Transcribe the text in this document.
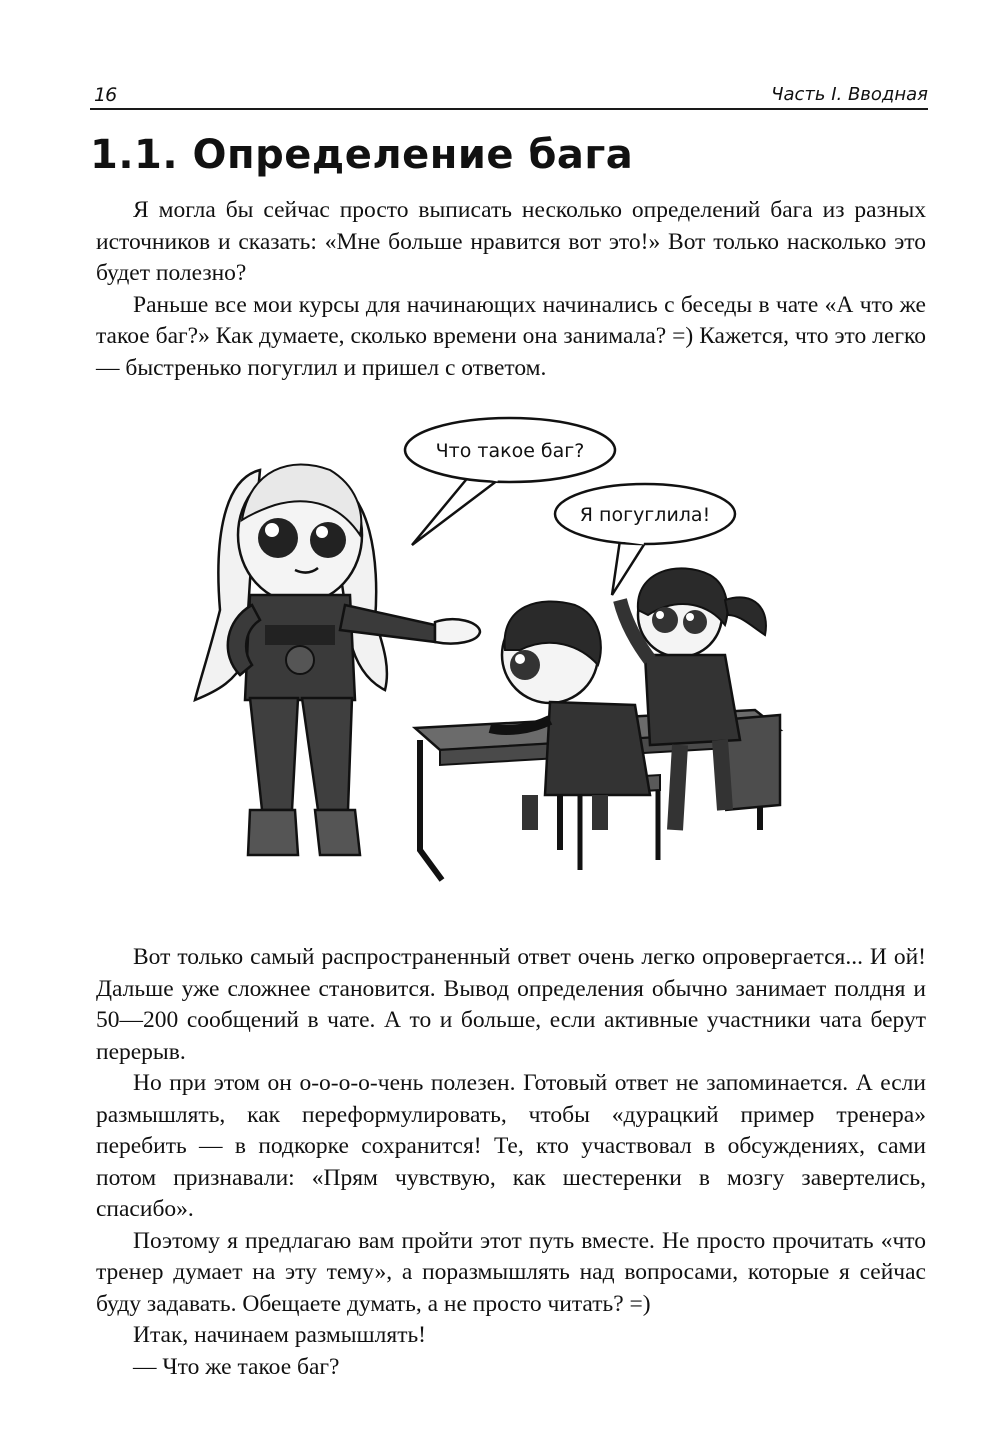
16	Часть I. Вводная
1.1. Определение бага

Я могла бы сейчас просто выписать несколько определений бага из разных источников и сказать: «Мне больше нравится вот это!» Вот только насколько это будет полезно?

Раньше все мои курсы для начинающих начинались с беседы в чате «А что же такое баг?» Как думаете, сколько времени она занимала? =) Кажется, что это легко — быстренько погуглил и пришел с ответом.

Что такое баг?
Я погуглила!

Вот только самый распространенный ответ очень легко опровергается... И ой! Дальше уже сложнее становится. Вывод определения обычно занимает полдня и 50—200 сообщений в чате. А то и больше, если активные участники чата берут перерыв.

Но при этом он о-о-о-о-чень полезен. Готовый ответ не запоминается. А если размышлять, как переформулировать, чтобы «дурацкий пример тренера» перебить — в подкорке сохранится! Те, кто участвовал в обсуждениях, сами потом признавали: «Прям чувствую, как шестеренки в мозгу завертелись, спасибо».

Поэтому я предлагаю вам пройти этот путь вместе. Не просто прочитать «что тренер думает на эту тему», а поразмышлять над вопросами, которые я сейчас буду задавать. Обещаете думать, а не просто читать? =)

Итак, начинаем размышлять!

— Что же такое баг?
